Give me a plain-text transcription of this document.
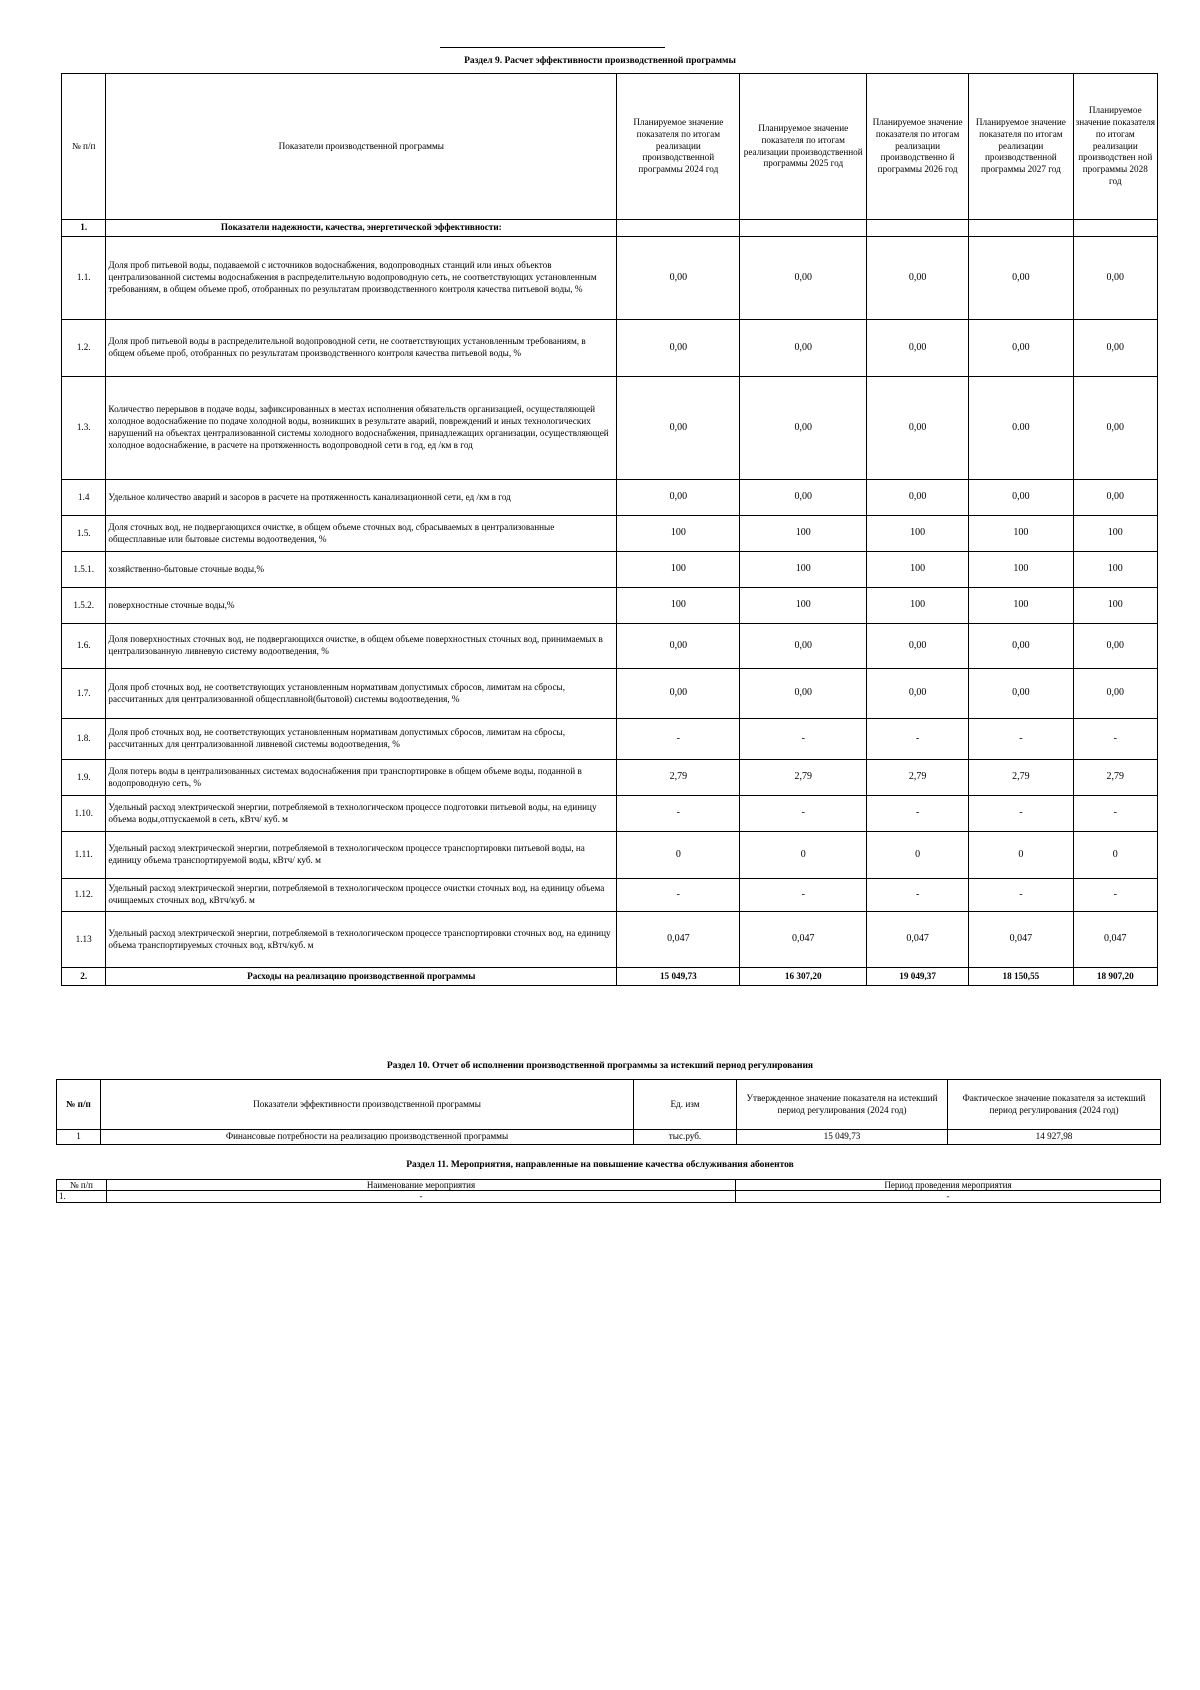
Раздел 9. Расчет эффективности производственной программы
№ п/п	Показатели производственной программы	Планируемое значение показателя по итогам реализации производственной программы 2024 год	Планируемое значение показателя по итогам реализации производственной программы 2025 год	Планируемое значение показателя по итогам реализации производственно й программы 2026 год	Планируемое значение показателя по итогам реализации производственной программы 2027 год	Планируемое значение показателя по итогам реализации производствен ной программы 2028 год
1.	Показатели надежности, качества, энергетической эффективности:					
1.1.	Доля проб питьевой воды, подаваемой с источников водоснабжения, водопроводных станций или иных объектов централизованной системы водоснабжения в распределительную водопроводную сеть, не соответствующих установленным требованиям, в общем объеме проб, отобранных по результатам производственного контроля качества питьевой воды, %	0,00	0,00	0,00	0,00	0,00
1.2.	Доля проб питьевой воды в распределительной водопроводной сети, не соответствующих установленным требованиям, в общем объеме проб, отобранных по результатам производственного контроля качества питьевой воды, %	0,00	0,00	0,00	0,00	0,00
1.3.	Количество перерывов в подаче воды, зафиксированных в местах исполнения обязательств организацией, осуществляющей холодное водоснабжение по подаче холодной воды, возникших в результате аварий, повреждений и иных технологических нарушений на объектах централизованной системы холодного водоснабжения, принадлежащих организации, осуществляющей холодное водоснабжение, в расчете на протяженность водопроводной сети в год, ед /км в год	0,00	0,00	0,00	0.00	0,00
1.4	Удельное количество аварий и засоров в расчете на протяженность канализационной сети, ед /км в год	0,00	0,00	0,00	0,00	0,00
1.5.	Доля сточных вод, не подвергающихся очистке, в общем объеме сточных вод, сбрасываемых в централизованные общесплавные или бытовые системы водоотведения, %	100	100	100	100	100
1.5.1.	хозяйственно-бытовые сточные воды,%	100	100	100	100	100
1.5.2.	поверхностные сточные воды,%	100	100	100	100	100
1.6.	Доля поверхностных сточных вод, не подвергающихся очистке, в общем объеме поверхностных сточных вод, принимаемых в централизованную ливневую систему водоотведения, %	0,00	0,00	0,00	0,00	0,00
1.7.	Доля проб сточных вод, не соответствующих установленным нормативам допустимых сбросов, лимитам на сбросы, рассчитанных для централизованной общесплавной(бытовой) системы водоотведения, %	0,00	0,00	0,00	0,00	0,00
1.8.	Доля проб сточных вод, не соответствующих установленным нормативам допустимых сбросов, лимитам на сбросы, рассчитанных для централизованной ливневой системы водоотведения, %	-	-	-	-	-
1.9.	Доля потерь воды в централизованных системах водоснабжения при транспортировке в общем объеме воды, поданной в водопроводную сеть, %	2,79	2,79	2,79	2,79	2,79
1.10.	Удельный расход электрической энергии, потребляемой в технологическом процессе подготовки питьевой воды, на единицу объема воды,отпускаемой в сеть, кВтч/ куб. м	-	-	-	-	-
1.11.	Удельный расход электрической энергии, потребляемой в технологическом процессе транспортировки питьевой воды, на единицу объема транспортируемой воды, кВтч/ куб. м	0	0	0	0	0
1.12.	Удельный расход электрической энергии, потребляемой в технологическом процессе очистки сточных вод, на единицу объема очищаемых сточных вод, кВтч/куб. м	-	-	-	-	-
1.13	Удельный расход электрической энергии, потребляемой в технологическом процессе транспортировки сточных вод, на единицу объема транспортируемых сточных вод, кВтч/куб. м	0,047	0,047	0,047	0,047	0,047
2.	Расходы на реализацию производственной программы	15 049,73	16 307,20	19 049,37	18 150,55	18 907,20
Раздел 10. Отчет об исполнении производственной программы за истекший период регулирования
№ п/п	Показатели эффективности производственной программы	Ед. изм	Утвержденное значение показателя на истекший период регулирования (2024 год)	Фактическое значение показателя за истекший период регулирования (2024 год)
1	Финансовые потребности на реализацию производственной программы	тыс.руб.	15 049,73	14 927,98
Раздел 11. Мероприятия, направленные на повышение качества обслуживания абонентов
№ п/п	Наименование мероприятия	Период проведения мероприятия
1.	-	-
